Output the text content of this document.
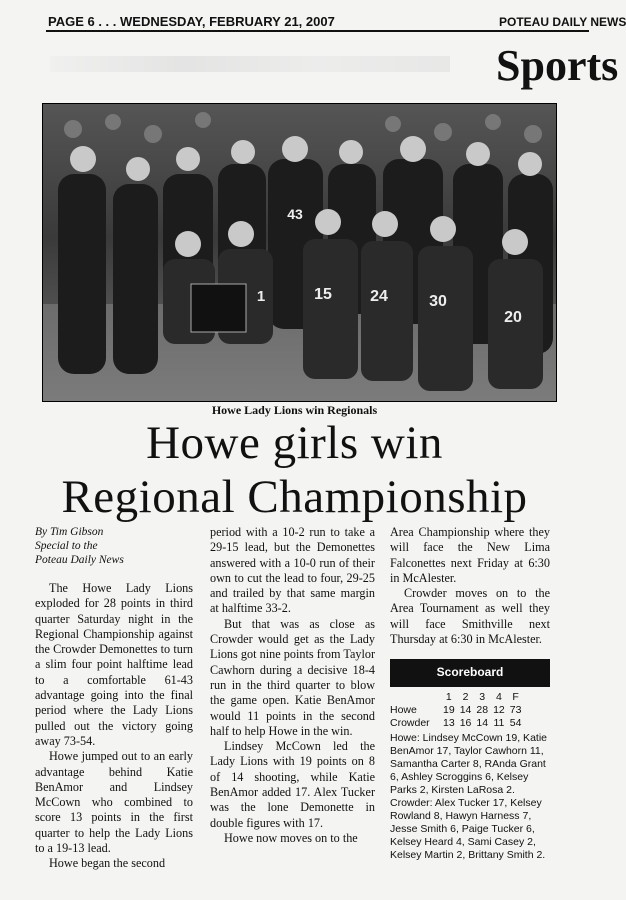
PAGE 6 . . . WEDNESDAY, FEBRUARY 21, 2007	POTEAU DAILY NEWS
Sports
43
15 24	30
20
1
Howe Lady Lions win Regionals
Howe girls win
Regional Championship
By Tim Gibson
Special to the
Poteau Daily News

The Howe Lady Lions exploded for 28 points in third quarter Saturday night in the Regional Championship against the Crowder Demonettes to turn a slim four point halftime lead to a comfortable 61-43 advantage going into the final period where the Lady Lions pulled out the victory going away 73-54.

Howe jumped out to an early advantage behind Katie BenAmor and Lindsey McCown who combined to score 13 points in the first quarter to help the Lady Lions to a 19-13 lead.

Howe began the second

period with a 10-2 run to take a 29-15 lead, but the Demonettes answered with a 10-0 run of their own to cut the lead to four, 29-25 and trailed by that same margin at halftime 33-2.

But that was as close as Crowder would get as the Lady Lions got nine points from Taylor Cawhorn during a decisive 18-4 run in the third quarter to blow the game open. Katie BenAmor would 11 points in the second half to help Howe in the win.

Lindsey McCown led the Lady Lions with 19 points on 8 of 14 shooting, while Katie BenAmor added 17. Alex Tucker was the lone Demonette in double figures with 17.

Howe now moves on to the

Area Championship where they will face the New Lima Falconettes next Friday at 6:30 in McAlester.

Crowder moves on to the Area Tournament as well they will face Smithville next Thursday at 6:30 in McAlester.

Scoreboard
	1	2	3	4	F
Howe	19	14	28	12	73
Crowder	13	16	14	11	54

Howe: Lindsey McCown 19, Katie BenAmor 17, Taylor Cawhorn 11, Samantha Carter 8, RAnda Grant 6, Ashley Scroggins 6, Kelsey Parks 2, Kirsten LaRosa 2.

Crowder: Alex Tucker 17, Kelsey Rowland 8, Hawyn Harness 7, Jesse Smith 6, Paige Tucker 6, Kelsey Heard 4, Sami Casey 2, Kelsey Martin 2, Brittany Smith 2.
